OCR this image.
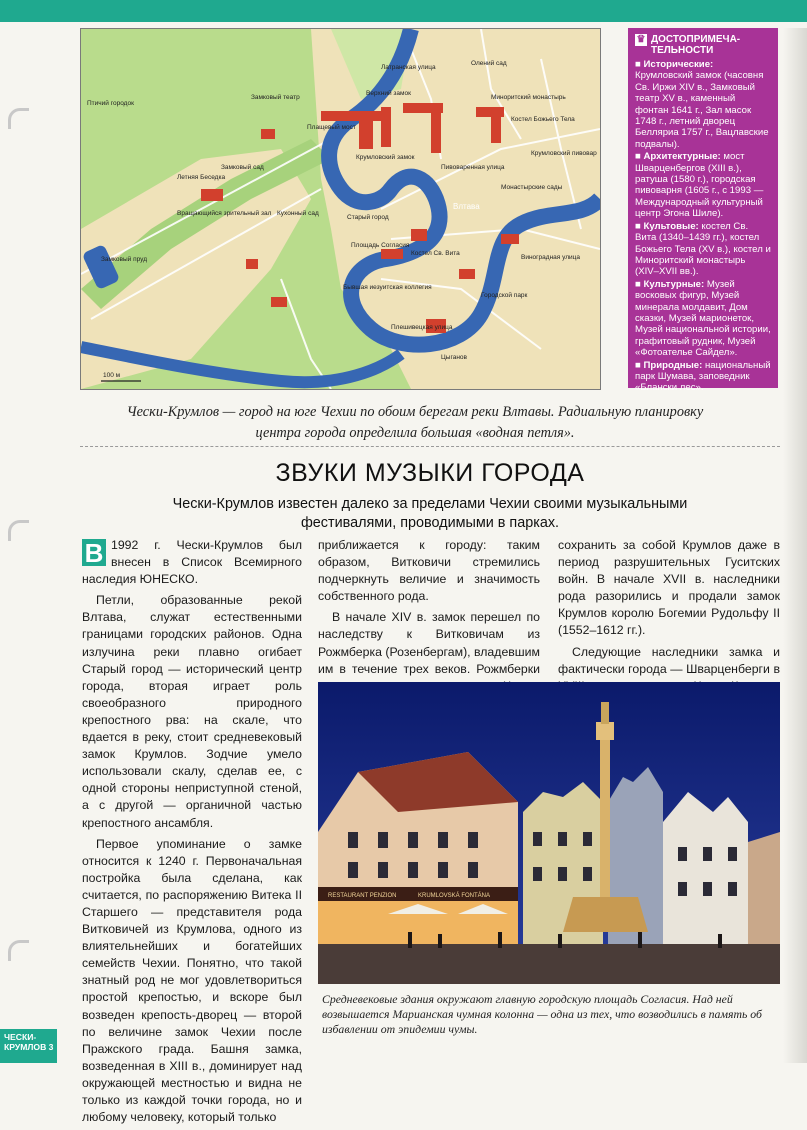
Птичий городок
Замковый театр
Замковый сад
Летняя Беседка
Вращающийся зрительный зал
Замковый пруд
Кухонный сад
Крумловский замок
Плащевый мост
Верхний замок
Старый город
Площадь Согласия
Костел Св. Вита
Городской парк
Влтава
Олений сад
Миноритский монастырь
Костел Божьего Тела
Крумловский пивовар
Латранская улица
Плешивецкая улица
Пивоваренная улица
Бывшая иезуитская коллегия
Монастырские сады
Цыганов
Виноградная улица
100 м
♛ ДОСТОПРИМЕЧА-ТЕЛЬНОСТИ

■ Исторические: Крумловский замок (часовня Св. Иржи XIV в., Замковый театр XV в., каменный фонтан 1641 г., Зал масок 1748 г., летний дворец Белляриа 1757 г., Вацлавские подвалы).

■ Архитектурные: мост Шварценбергов (XIII в.), ратуша (1580 г.), городская пивоварня (1605 г., с 1993 — Международный культурный центр Эгона Шиле).

■ Культовые: костел Св. Вита (1340–1439 гг.), костел Божьего Тела (XV в.), костел и Миноритский монастырь (XIV–XVII вв.).

■ Культурные: Музей восковых фигур, Музей минерала молдавит, Дом сказки, Музей марионеток, Музей национальной истории, графитовый рудник, Музей «Фотоателье Сайдел».

■ Природные: национальный парк Шумава, заповедник «Бланcки лес».

Чески-Крумлов — город на юге Чехии по обоим берегам реки Влтавы. Радиальную планировку центра города определила большая «водная петля».
ЗВУКИ МУЗЫКИ ГОРОДА
Чески-Крумлов известен далеко за пределами Чехии своими музыкальными фестивалями, проводимыми в парках.

В 1992 г. Чески-Крумлов был внесен в Список Всемирного наследия ЮНЕСКО.

Петли, образованные рекой Влтава, служат естественными границами городских районов. Одна излучина реки плавно огибает Старый город — исторический центр города, вторая играет роль своеобразного природного крепостного рва: на скале, что вдается в реку, стоит средневековый замок Крумлов. Зодчие умело использовали скалу, сделав ее, с одной стороны неприступной стеной, а с другой — органичной частью крепостного ансамбля.

Первое упоминание о замке относится к 1240 г. Первоначальная постройка была сделана, как считается, по распоряжению Витека II Старшего — представителя рода Витковичей из Крумлова, одного из влиятельнейших и богатейших семейств Чехии. Понятно, что такой знатный род не мог удовлетвориться простой крепостью, и вскоре был возведен крепость-дворец — второй по величине замок Чехии после Пражского града. Башня замка, возведенная в XIII в., доминирует над окружающей местностью и видна не только из каждой точки города, но и любому человеку, который только

приближается к городу: таким образом, Витковичи стремились подчеркнуть величие и значимость собственного рода.

В начале XIV в. замок перешел по наследству к Витковичам из Рожмберка (Розенбергам), владевшим им в течение трех веков. Рожмберки

сохранить за собой Крумлов даже в период разрушительных Гуситских войн. В начале XVII в. наследники рода разорились и продали замок Крумлов королю Богемии Рудольфу II (1552–1612 гг.).

Следующие наследники замка и фактически города — Шварценберги в

RESTAURANT PENZION	KRUMLOVSKÁ FONTÁNA
Средневековые здания окружают главную городскую площадь Согласия. Над ней возвышается Марианская чумная колонна — одна из тех, что возводились в память об избавлении от эпидемии чумы.
ЧЕСКИ-КРУМЛОВ 3
